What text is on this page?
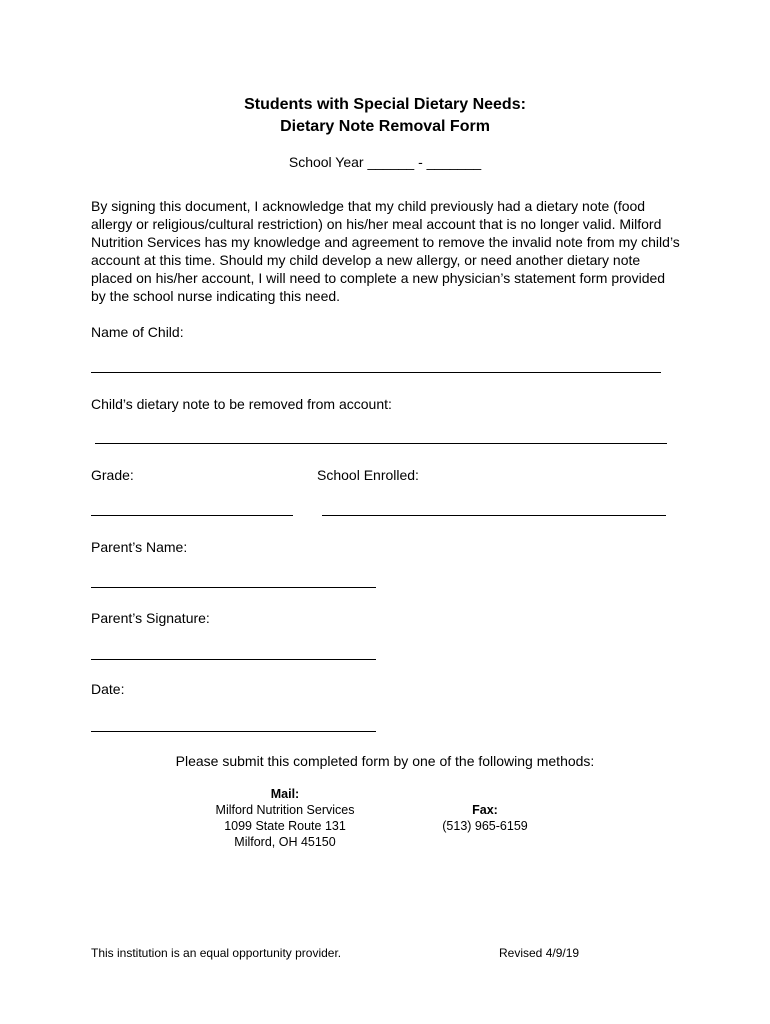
Students with Special Dietary Needs:

Dietary Note Removal Form

School Year ______ - _______

By signing this document, I acknowledge that my child previously had a dietary note (food allergy or religious/cultural restriction) on his/her meal account that is no longer valid. Milford Nutrition Services has my knowledge and agreement to remove the invalid note from my child’s account at this time. Should my child develop a new allergy, or need another dietary note placed on his/her account, I will need to complete a new physician’s statement form provided by the school nurse indicating this need.

Name of Child:

Child’s dietary note to be removed from account:

Grade:	School Enrolled:

Parent’s Name:

Parent’s Signature:

Date:

Please submit this completed form by one of the following methods:

Mail:
Milford Nutrition Services
1099 State Route 131
Milford, OH 45150
Fax:
(513) 965-6159

This institution is an equal opportunity provider.	Revised 4/9/19
